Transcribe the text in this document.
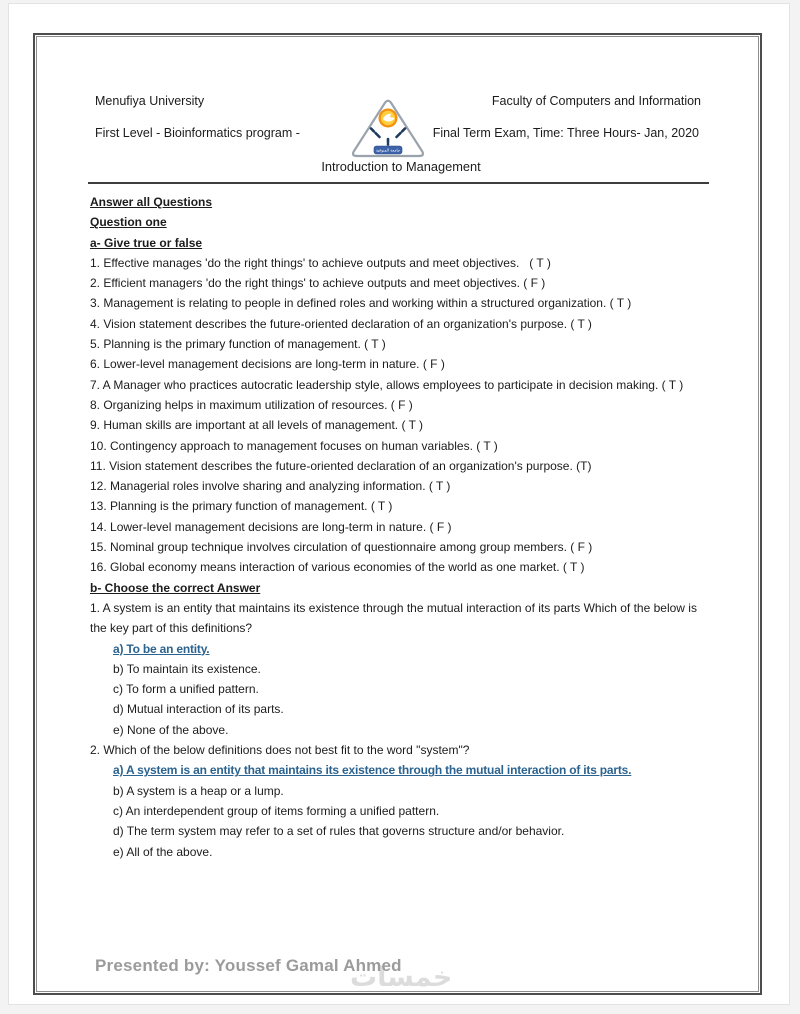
Menufiya University	Faculty of Computers and Information
First Level - Bioinformatics program -	Final Term Exam, Time: Three Hours- Jan, 2020
جامعة المنوفية
Introduction to Management

Answer all Questions

Question one

a- Give true or false

1. Effective manages 'do the right things' to achieve outputs and meet objectives.   ( T )

2. Efficient managers 'do the right things' to achieve outputs and meet objectives. ( F )

3. Management is relating to people in defined roles and working within a structured organization. ( T )

4. Vision statement describes the future-oriented declaration of an organization's purpose. ( T )

5. Planning is the primary function of management. ( T )

6. Lower-level management decisions are long-term in nature. ( F )

7. A Manager who practices autocratic leadership style, allows employees to participate in decision making. ( T )

8. Organizing helps in maximum utilization of resources. ( F )

9. Human skills are important at all levels of management. ( T )

10. Contingency approach to management focuses on human variables. ( T )

11. Vision statement describes the future-oriented declaration of an organization's purpose. (T)

12. Managerial roles involve sharing and analyzing information. ( T )

13. Planning is the primary function of management. ( T )

14. Lower-level management decisions are long-term in nature. ( F )

15. Nominal group technique involves circulation of questionnaire among group members. ( F )

16. Global economy means interaction of various economies of the world as one market. ( T )

b- Choose the correct Answer

1. A system is an entity that maintains its existence through the mutual interaction of its parts Which of the below is the key part of this definitions?

a) To be an entity.

b) To maintain its existence.

c) To form a unified pattern.

d) Mutual interaction of its parts.

e) None of the above.

2. Which of the below definitions does not best fit to the word "system"?

a) A system is an entity that maintains its existence through the mutual interaction of its parts.

b) A system is a heap or a lump.

c) An interdependent group of items forming a unified pattern.

d) The term system may refer to a set of rules that governs structure and/or behavior.

e) All of the above.

Presented by: Youssef Gamal Ahmed
خمسات
